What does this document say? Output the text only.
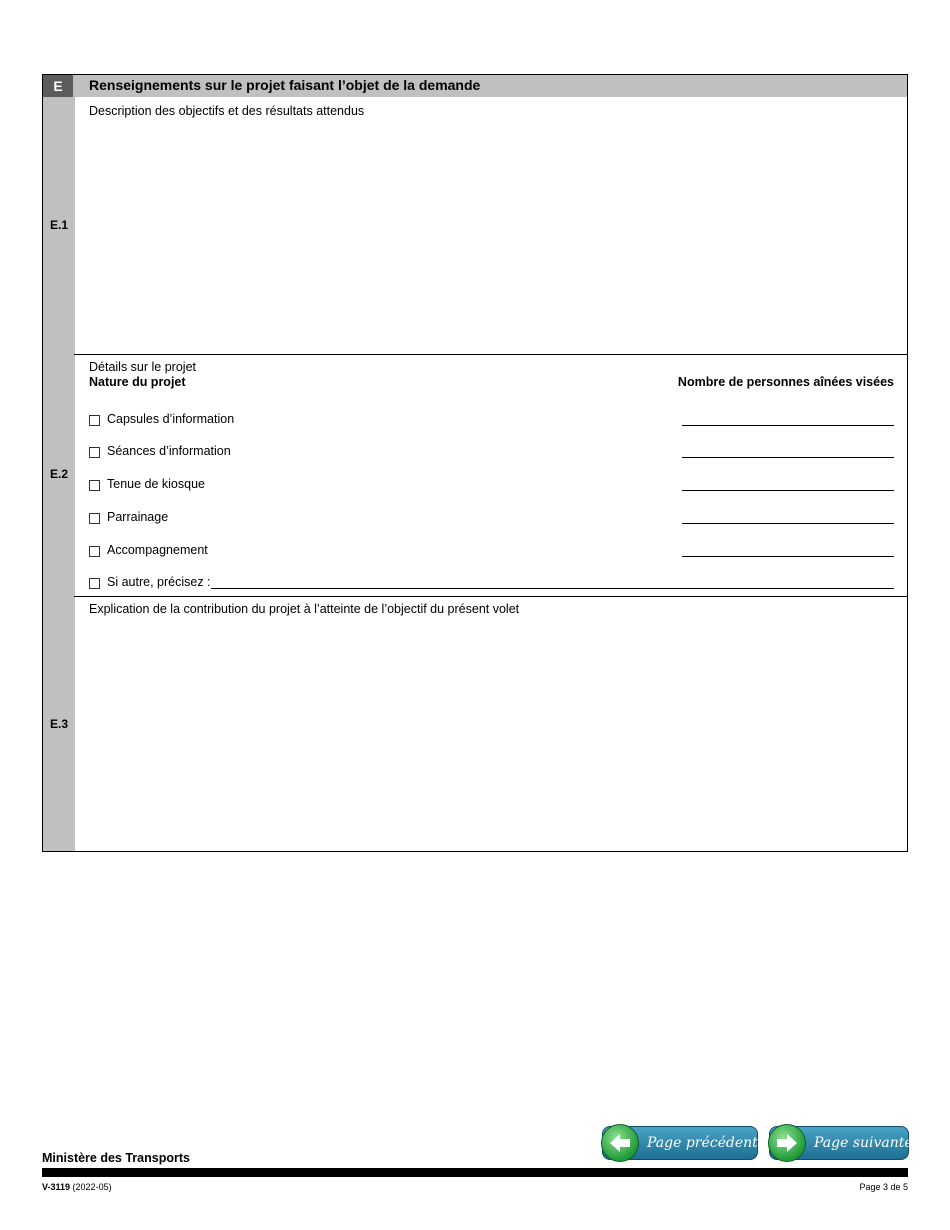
E	Renseignements sur le projet faisant l’objet de la demande
E.1
Description des objectifs et des résultats attendus
E.2
Détails sur le projet
Nature du projet	Nombre de personnes aînées visées
Capsules d’information
Séances d’information
Tenue de kiosque
Parrainage
Accompagnement
Si autre, précisez :
E.3
Explication de la contribution du projet à l’atteinte de l’objectif du présent volet
Page précédente	Page suivante
Ministère des Transports
V-3119 (2022-05)	Page 3 de 5
